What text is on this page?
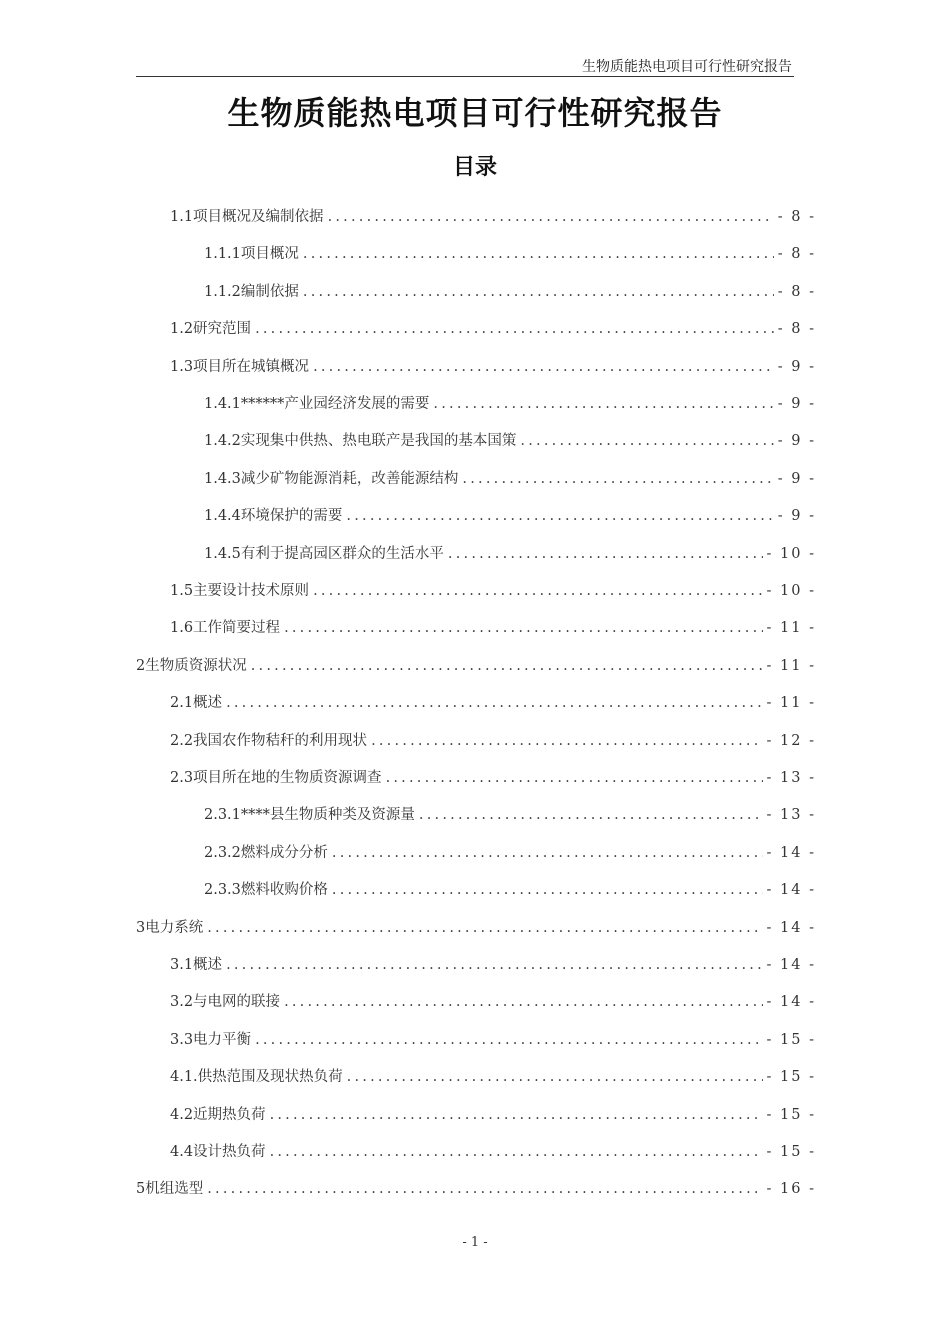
生物质能热电项目可行性研究报告
生物质能热电项目可行性研究报告
目录
1.1项目概况及编制依据 .....	- 8 -
1.1.1项目概况 .....	- 8 -
1.1.2编制依据 .....	- 8 -
1.2研究范围 .....	- 8 -
1.3项目所在城镇概况 .....	- 9 -
1.4.1******产业园经济发展的需要 .....	- 9 -
1.4.2实现集中供热、热电联产是我国的基本国策 .....	- 9 -
1.4.3减少矿物能源消耗，改善能源结构 .....	- 9 -
1.4.4环境保护的需要 .....	- 9 -
1.4.5有利于提高园区群众的生活水平 .....	- 10 -
1.5主要设计技术原则 .....	- 10 -
1.6工作简要过程 .....	- 11 -
2生物质资源状况 .....	- 11 -
2.1概述 .....	- 11 -
2.2我国农作物秸秆的利用现状 .....	- 12 -
2.3项目所在地的生物质资源调查 .....	- 13 -
2.3.1****县生物质种类及资源量 .....	- 13 -
2.3.2燃料成分分析 .....	- 14 -
2.3.3燃料收购价格 .....	- 14 -
3电力系统 .....	- 14 -
3.1概述 .....	- 14 -
3.2与电网的联接 .....	- 14 -
3.3电力平衡 .....	- 15 -
4.1.供热范围及现状热负荷 .....	- 15 -
4.2近期热负荷 .....	- 15 -
4.4设计热负荷 .....	- 15 -
5机组选型 .....	- 16 -
- 1 -
